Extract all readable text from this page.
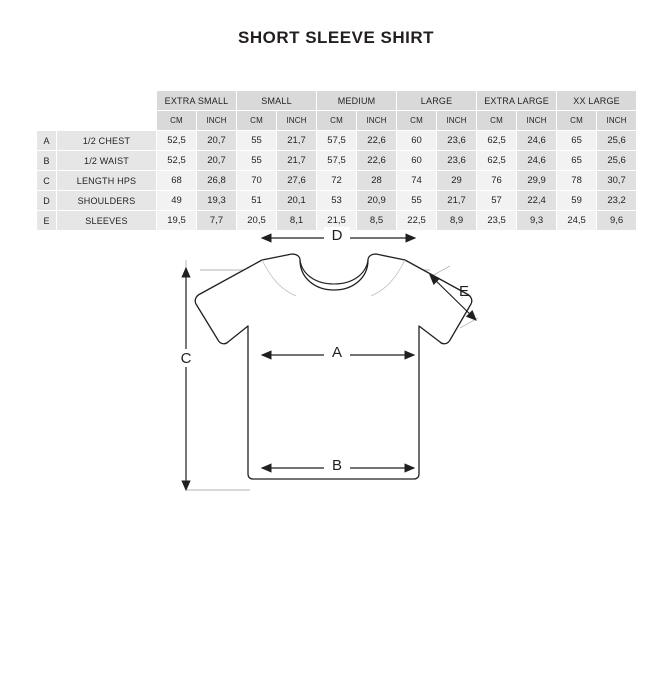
SHORT SLEEVE SHIRT
		EXTRA SMALL		SMALL		MEDIUM		LARGE		EXTRA LARGE		XX LARGE	
		CM	INCH	CM	INCH	CM	INCH	CM	INCH	CM	INCH	CM	INCH
A	1/2 CHEST	52,5	20,7	55	21,7	57,5	22,6	60	23,6	62,5	24,6	65	25,6
B	1/2 WAIST	52,5	20,7	55	21,7	57,5	22,6	60	23,6	62,5	24,6	65	25,6
C	LENGTH HPS	68	26,8	70	27,6	72	28	74	29	76	29,9	78	30,7
D	SHOULDERS	49	19,3	51	20,1	53	20,9	55	21,7	57	22,4	59	23,2
E	SLEEVES	19,5	7,7	20,5	8,1	21,5	8,5	22,5	8,9	23,5	9,3	24,5	9,6
D
E
A
B
C
